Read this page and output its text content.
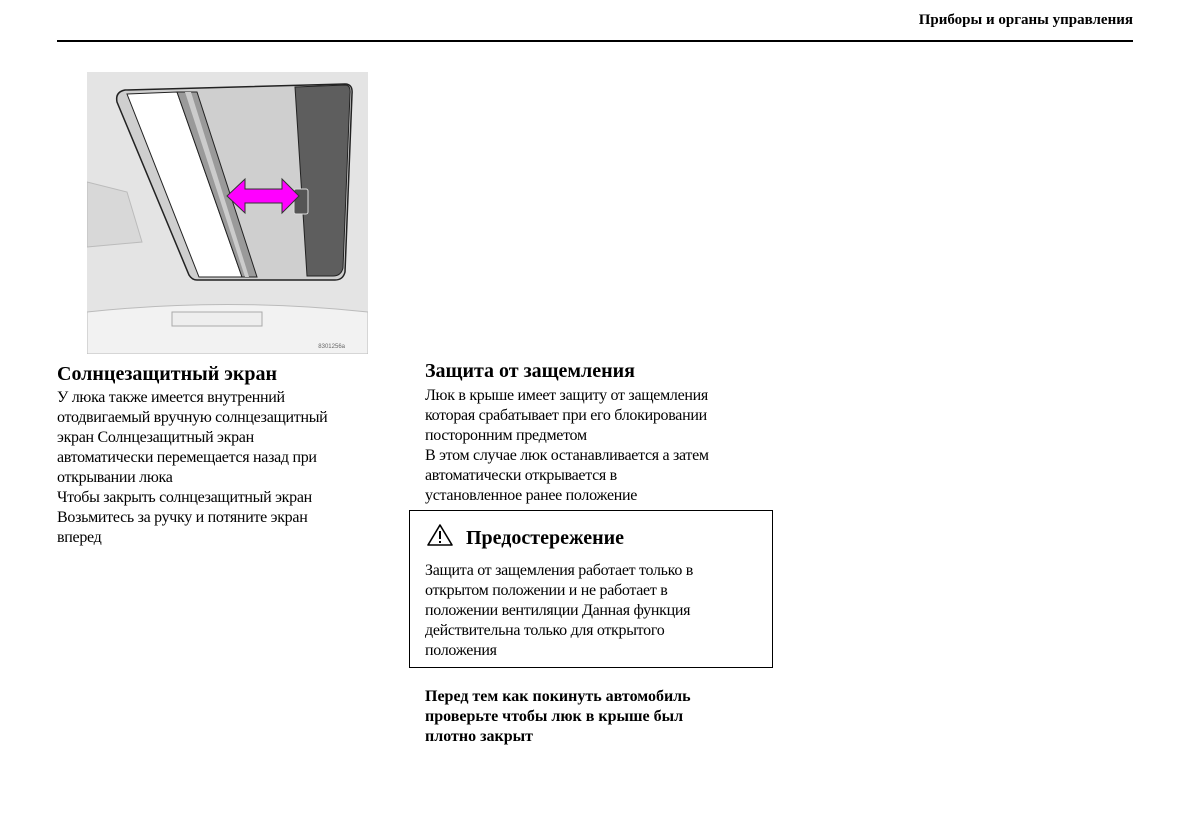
Приборы и органы управления
8301256a
Солнцезащитный экран
У люка также имеется внутренний
отодвигаемый вручную солнцезащитный
экран Солнцезащитный экран
автоматически перемещается назад при
открывании люка
Чтобы закрыть солнцезащитный экран
Возьмитесь за ручку и потяните экран
вперед
Защита от защемления
Люк в крыше имеет защиту от защемления
которая срабатывает при его блокировании
посторонним предметом
В этом случае люк останавливается а затем
автоматически открывается в
установленное ранее положение
Предостережение
Защита от защемления работает только в
открытом положении и не работает в
положении вентиляции Данная функция
действительна только для открытого
положения
Перед тем как покинуть автомобиль
проверьте чтобы люк в крыше был
плотно закрыт
